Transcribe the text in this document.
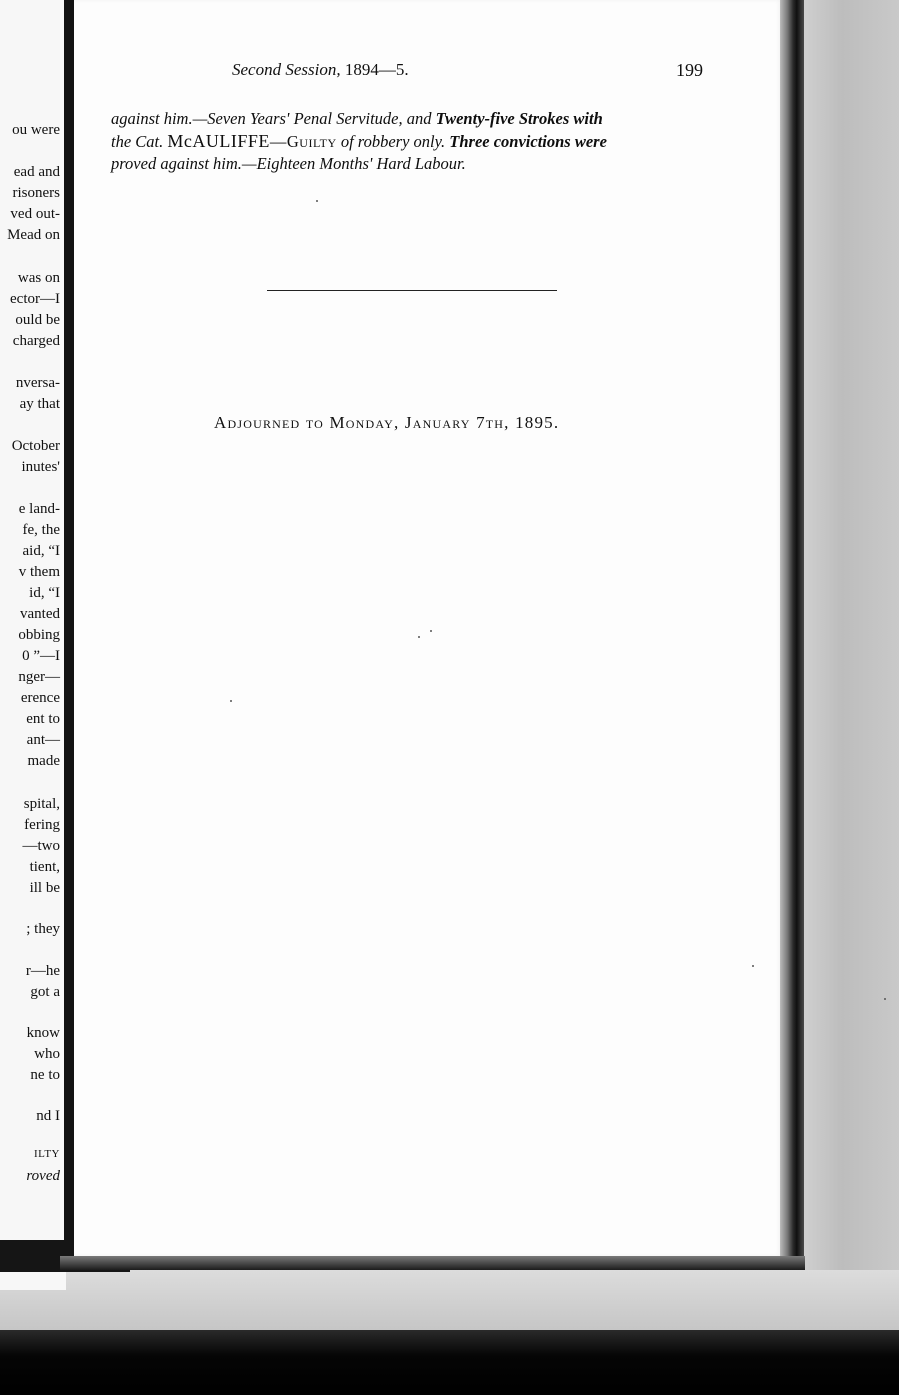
ou were
ead and
risoners
ved out-
Mead on
was on
ector—I
ould be
charged
nversa-
ay that
October
inutes'
e land-
fe, the
aid, “I
v them
id, “I
vanted
obbing
0 ”—I
nger—
erence
ent to
ant—
made
spital,
fering
—two
tient,
ill be
; they
r—he
got a
know
who
ne to
nd I
ILTY
roved
Second Session, 1894—5.	199
against him.—Seven Years' Penal Servitude, and Twenty-five Strokes with
the Cat. McAULIFFE—Guilty of robbery only. Three convictions were
proved against him.—Eighteen Months' Hard Labour.
Adjourned to Monday, January 7th, 1895.
